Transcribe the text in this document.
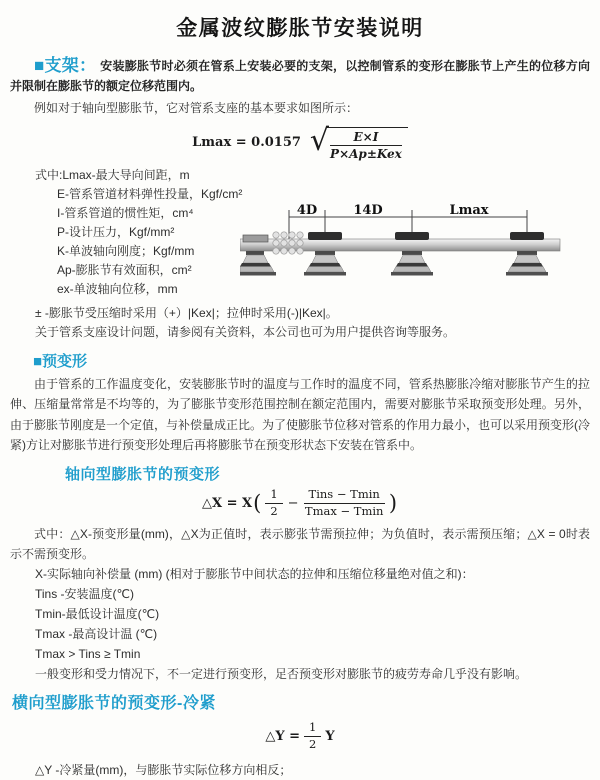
金属波纹膨胀节安装说明

■支架： 安装膨胀节时必须在管系上安装必要的支架，以控制管系的变形在膨胀节上产生的位移方向并限制在膨胀节的额定位移范围内。

例如对于轴向型膨胀节，它对管系支座的基本要求如图所示：

Lmax = 0.0157 √ $\frac{E\times I}{\text{P×Ap±Kex}}$
式中:Lmax-最大导向间距，m
E-管系管道材料弹性投量，Kgf/cm²
I-管系管道的惯性矩，cm⁴
P-设计压力，Kgf/mm²
K-单波轴向刚度；Kgf/mm
Ap-膨胀节有效面积，cm²
ex-单波轴向位移，mm
4D	14D	Lmax

± -膨胀节受压缩时采用（+）|Kex|；拉伸时采用(-)|Kex|。

关于管系支座设计问题，请参阅有关资料，本公司也可为用户提供咨询等服务。

■预变形

由于管系的工作温度变化，安装膨胀节时的温度与工作时的温度不同，管系热膨胀冷缩对膨胀节产生的拉伸、压缩量常常是不均等的，为了膨胀节变形范围控制在额定范围内，需要对膨胀节采取预变形处理。另外，由于膨胀节刚度是一个定值，与补偿量成正比。为了使膨胀节位移对管系的作用力最小，也可以采用预变形(冷紧)方让对膨胀节进行预变形处理后再将膨胀节在预变形状态下安装在管系中。

轴向型膨胀节的预变形
△X = X ( $\frac{1}{2} - \frac{\text{Tins − Tmin}}{Tmax - Tmin}$ )

式中：△X-预变形量(mm)，△X为正值时，表示膨张节需预拉伸；为负值时，表示需预压缩；△X = 0时表示不需预变形。

X-实际轴向补偿量 (mm) (相对于膨胀节中间状态的拉伸和压缩位移量绝对值之和)：

Tins -安装温度(℃)

Tmin-最低设计温度(℃)

Tmax -最高设计温 (℃)

Tmax > Tins ≥ Tmin

一般变形和受力情况下，不一定进行预变形，足否预变形对膨胀节的疲劳寿命几乎没有影响。

横向型膨胀节的预变形-冷紧
△Y = $\frac{1}{2}$ Y

△Y -冷紧量(mm)，与膨胀节实际位移方向相反；
